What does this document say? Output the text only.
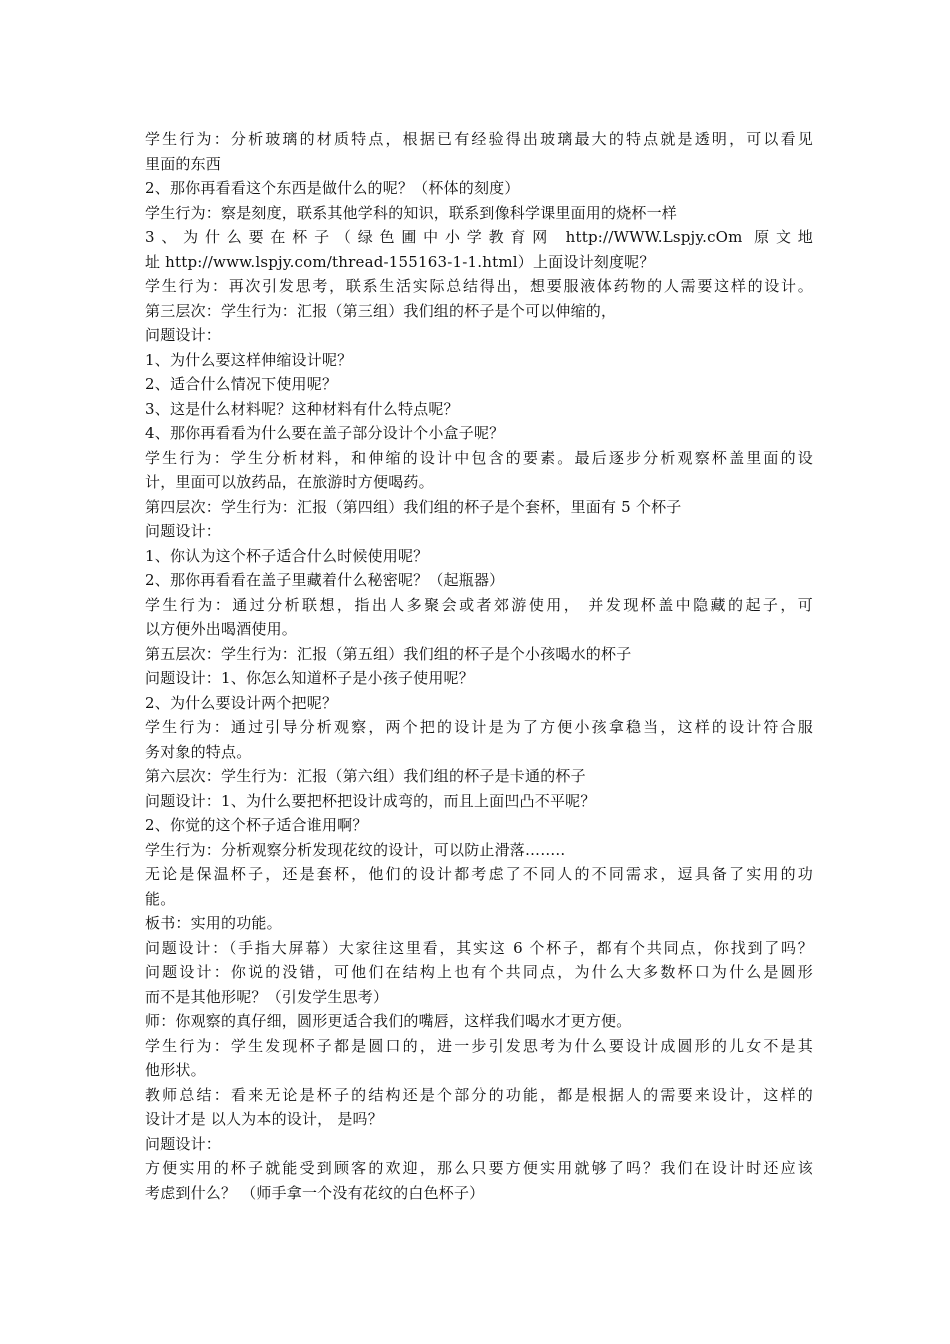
学生行为：分析玻璃的材质特点，根据已有经验得出玻璃最大的特点就是透明，可以看见
里面的东西
2、那你再看看这个东西是做什么的呢？（杯体的刻度）
学生行为：察是刻度，联系其他学科的知识，联系到像科学课里面用的烧杯一样
3、为什么要在杯子（绿色圃中小学教育网 http://WWW.Lspjy.cOm 原文地
址 http://www.lspjy.com/thread-155163-1-1.html）上面设计刻度呢？
学生行为：再次引发思考，联系生活实际总结得出，想要服液体药物的人需要这样的设计。
第三层次：学生行为：汇报（第三组）我们组的杯子是个可以伸缩的，
问题设计：
1、为什么要这样伸缩设计呢？
2、适合什么情况下使用呢？
3、这是什么材料呢？这种材料有什么特点呢？
4、那你再看看为什么要在盖子部分设计个小盒子呢？
学生行为：学生分析材料，和伸缩的设计中包含的要素。最后逐步分析观察杯盖里面的设
计，里面可以放药品，在旅游时方便喝药。
第四层次：学生行为：汇报（第四组）我们组的杯子是个套杯，里面有 5 个杯子
问题设计：
1、你认为这个杯子适合什么时候使用呢？
2、那你再看看在盖子里藏着什么秘密呢？（起瓶器）
学生行为：通过分析联想，指出人多聚会或者郊游使用， 并发现杯盖中隐藏的起子，可
以方便外出喝酒使用。
第五层次：学生行为：汇报（第五组）我们组的杯子是个小孩喝水的杯子
问题设计：1、你怎么知道杯子是小孩子使用呢？
2、为什么要设计两个把呢？
学生行为：通过引导分析观察，两个把的设计是为了方便小孩拿稳当，这样的设计符合服
务对象的特点。
第六层次：学生行为：汇报（第六组）我们组的杯子是卡通的杯子
问题设计：1、为什么要把杯把设计成弯的，而且上面凹凸不平呢？
2、你觉的这个杯子适合谁用啊？
学生行为：分析观察分析发现花纹的设计，可以防止滑落……..
无论是保温杯子，还是套杯，他们的设计都考虑了不同人的不同需求，逗具备了实用的功
能。
板书：实用的功能。
问题设计：（手指大屏幕）大家往这里看，其实这 6 个杯子，都有个共同点，你找到了吗？
问题设计：你说的没错，可他们在结构上也有个共同点，为什么大多数杯口为什么是圆形
而不是其他形呢？（引发学生思考）
师：你观察的真仔细，圆形更适合我们的嘴唇，这样我们喝水才更方便。
学生行为：学生发现杯子都是圆口的，进一步引发思考为什么要设计成圆形的儿女不是其
他形状。
教师总结：看来无论是杯子的结构还是个部分的功能，都是根据人的需要来设计，这样的
设计才是 以人为本的设计， 是吗？
问题设计：
方便实用的杯子就能受到顾客的欢迎，那么只要方便实用就够了吗？我们在设计时还应该
考虑到什么？ （师手拿一个没有花纹的白色杯子）
